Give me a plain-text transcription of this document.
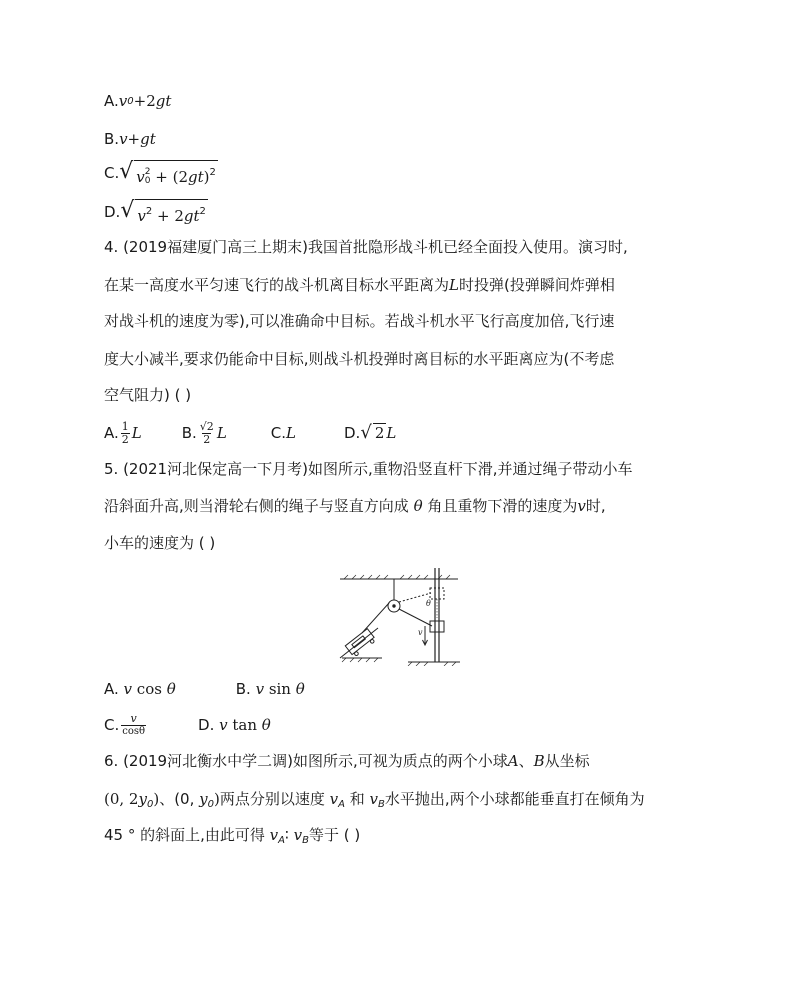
A. v 0 +2 gt
B. v + gt
C. √ v 2
$0 + (2gt)^2$
D. √ $v^2 + 2gt^2$
4. (2019福建厦门高三上期末)我国首批隐形战斗机已经全面投入使用。演习时,
在某一高度水平匀速飞行的战斗机离目标水平距离为L时投弹(投弹瞬间炸弹相
对战斗机的速度为零),可以准确命中目标。若战斗机水平飞行高度加倍,飞行速
度大小减半,要求仍能命中目标,则战斗机投弹时离目标的水平距离应为(不考虑
空气阻力) ( )
A. $\frac{1}{2}$ L	B. $\frac{√2}{2}$ L	C. L	D. √ 2 L
5. (2021河北保定高一下月考)如图所示,重物沿竖直杆下滑,并通过绳子带动小车
沿斜面升高,则当滑轮右侧的绳子与竖直方向成 θ 角且重物下滑的速度为v时,
小车的速度为 ( )
θ
v
A. v cos θ	B. v sin θ
C. $\frac{v}{\cos\theta}$	D. v tan θ
6. (2019河北衡水中学二调)如图所示,可视为质点的两个小球A、B从坐标
(0, $2y_0$)、(0, $y_0$)两点分别以速度 $v_A$ 和 $v_B$水平抛出,两个小球都能垂直打在倾角为
45 ° 的斜面上,由此可得 $v_A∶$ $v_B$等于 ( )
